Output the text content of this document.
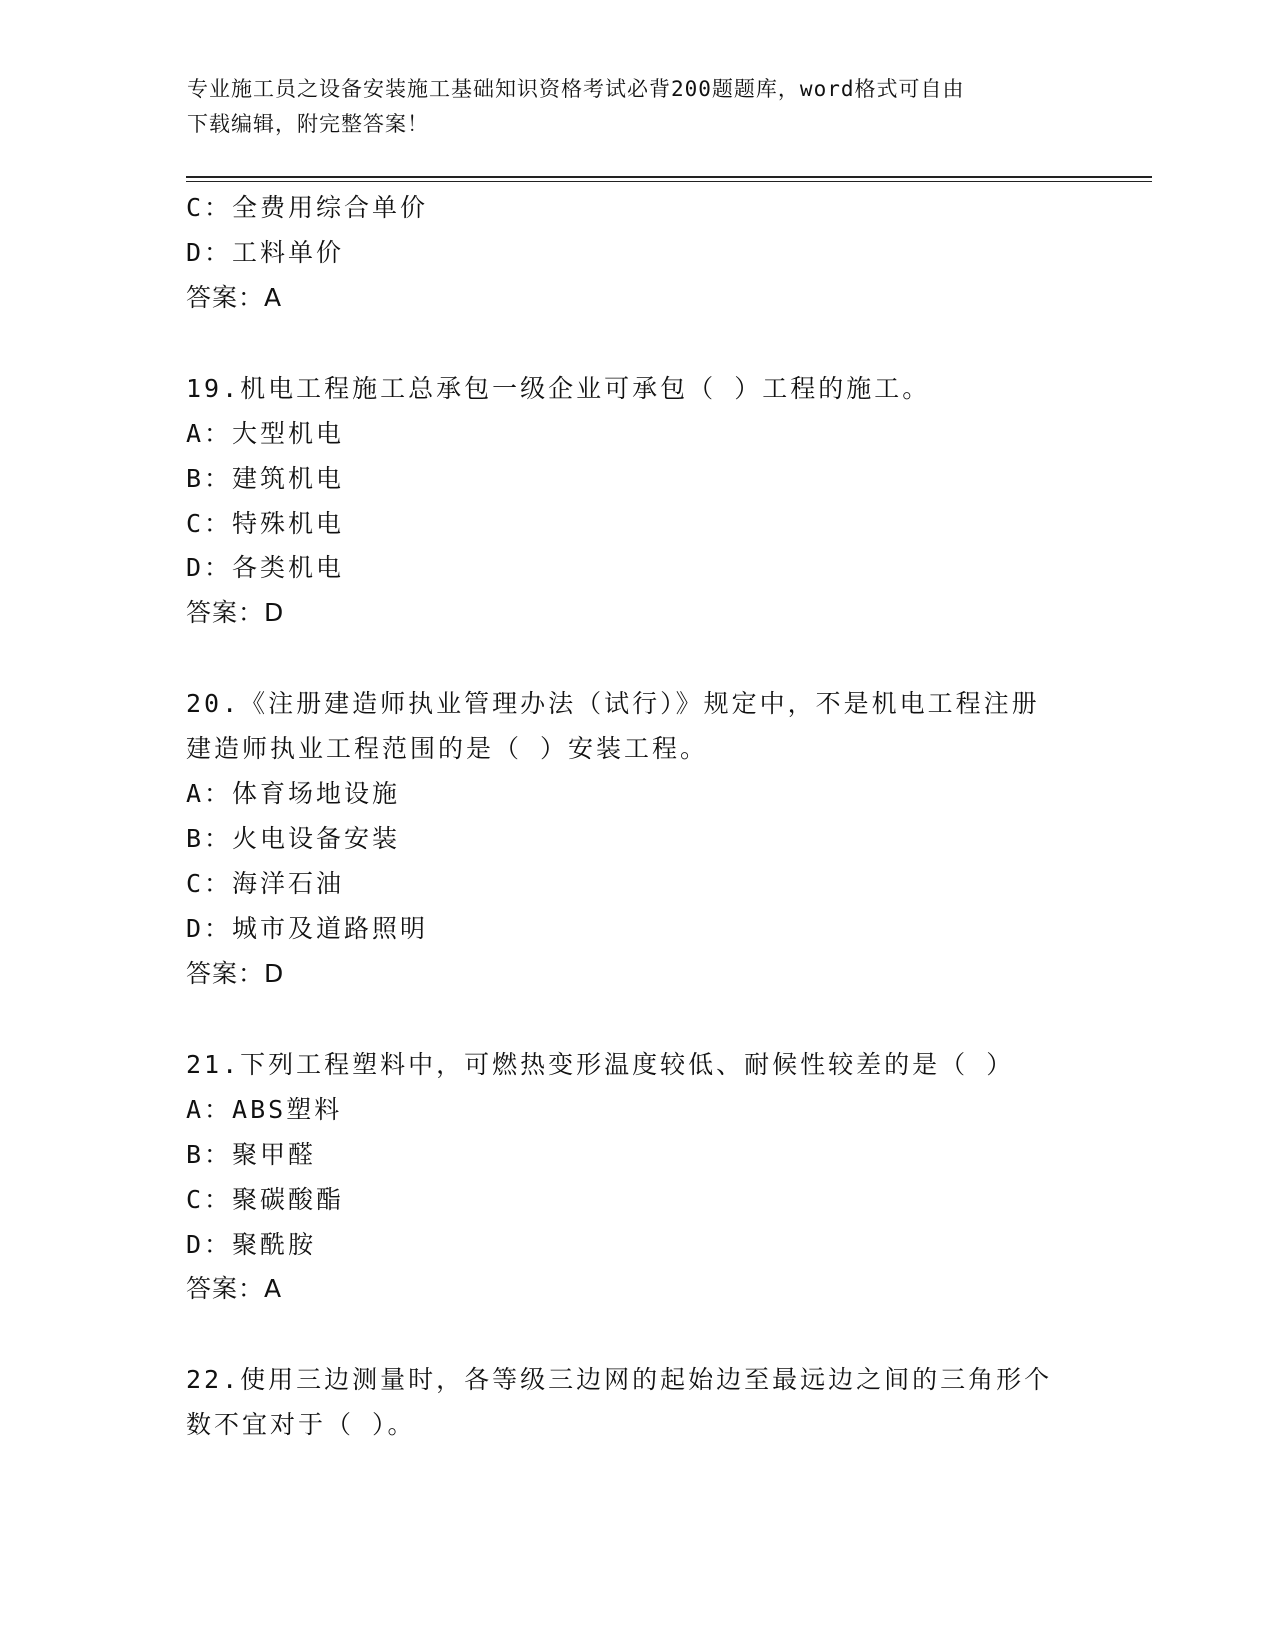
专业施工员之设备安装施工基础知识资格考试必背200题题库，word格式可自由
下载编辑，附完整答案！
C：全费用综合单价
D：工料单价
答案：A
19.机电工程施工总承包一级企业可承包（ ）工程的施工。
A：大型机电
B：建筑机电
C：特殊机电
D：各类机电
答案：D
20.《注册建造师执业管理办法（试行）》规定中，不是机电工程注册
建造师执业工程范围的是（ ）安装工程。
A：体育场地设施
B：火电设备安装
C：海洋石油
D：城市及道路照明
答案：D
21.下列工程塑料中，可燃热变形温度较低、耐候性较差的是（ ）
A：ABS塑料
B：聚甲醛
C：聚碳酸酯
D：聚酰胺
答案：A
22.使用三边测量时，各等级三边网的起始边至最远边之间的三角形个
数不宜对于（ ）。
